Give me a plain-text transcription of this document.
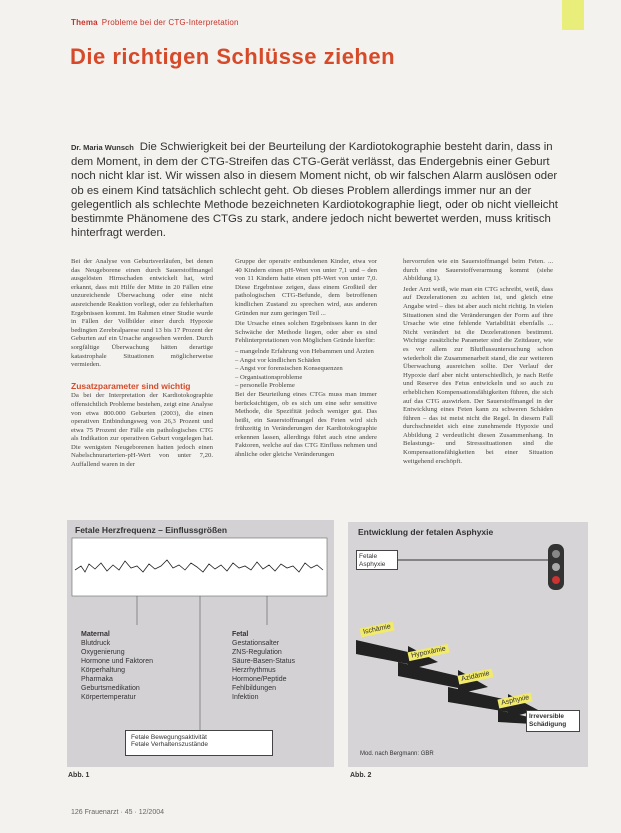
Thema Probleme bei der CTG-Interpretation
Die richtigen Schlüsse ziehen
Dr. Maria Wunsch Die Schwierigkeit bei der Beurteilung der Kardiotokographie besteht darin, dass in dem Moment, in dem der CTG-Streifen das CTG-Gerät verlässt, das Endergebnis einer Geburt noch nicht klar ist. Wir wissen also in diesem Moment nicht, ob wir falschen Alarm auslösen oder ob es einem Kind tatsächlich schlecht geht. Ob dieses Problem allerdings immer nur an der gelegentlich als schlechte Methode bezeichneten Kardiotokographie liegt, oder ob nicht vielleicht bestimmte Phänomene des CTGs zu stark, andere jedoch nicht bewertet werden, muss kritisch hinterfragt werden.

Bei der Analyse von Geburtsverläufen, bei denen das Neugeborene einen durch Sauerstoffmangel ausgelösten Hirnschaden entwickelt hat, wird erkannt, dass mit Hilfe der Mitte in 20 Fällen eine unzureichende Überwachung oder eine nicht ausreichende Reaktion vorliegt, oder zu fehlerhaften Ergebnissen kommt. Im Rahmen einer Studie wurde in Fällen der Vollbilder einer durch Hypoxie bedingten Zerebralparese rund 13 bis 17 Prozent der Geburten auf ein Ursache angesehen werden. Durch sorgfältige Überwachung hätten derartige katastrophale Situationen möglicherweise vermieden.

Zusatzparameter sind wichtig

Da bei der Interpretation der Kardiotokographie offensichtlich Probleme bestehen, zeigt eine Analyse von etwa 800.000 Geburten (2003), die einen operativen Entbindungsweg von 26,3 Prozent und etwa 75 Prozent der Fälle ein pathologisches CTG als Indikation zur operativen Geburt vorgelegen hat. Die wenigsten Neugeborenen hatten jedoch einen Nabelschnurarterien-pH-Wert von unter 7,20. Auffallend waren in der

Gruppe der operativ entbundenen Kinder, etwa vor 40 Kindern einen pH-Wert von unter 7,1 und – den von 11 Kindern hatte einen pH-Wert von unter 7,0. Diese Ergebnisse zeigen, dass einem Großteil der pathologischen CTG-Befunde, dem betroffenen kindlichen Zustand zu sprechen wird, aus anderen Gründen nur zum geringen Teil ...

Die Ursache eines solchen Ergebnisses kann in der Schwäche der Methode liegen, oder aber es sind Fehlinterpretationen von Möglichen Gründe hierfür:

– mangelnde Erfahrung von Hebammen und Ärzten
– Angst vor kindlichen Schäden
– Angst vor forensischen Konsequenzen
– Organisationsprobleme
– personelle Probleme

Bei der Beurteilung eines CTGs muss man immer berücksichtigen, ob es sich um eine sehr sensitive Methode, die Spezifität jedoch weniger gut. Das heißt, ein Sauerstoffmangel des Feten wird sich frühzeitig in Veränderungen der Kardiotokographie erkennen lassen, allerdings führt auch eine andere Faktoren, welche auf das CTG Einfluss nehmen und ähnliche oder gleiche Veränderungen

hervorrufen wie ein Sauerstoffmangel beim Feten. ... durch eine Sauerstoffverarmung kommt (siehe Abbildung 1).

Jeder Arzt weiß, wie man ein CTG schreibt, weiß, dass auf Dezelerationen zu achten ist, und gleich eine Angabe wird – dies ist aber auch nicht richtig. In vielen Situationen sind die Veränderungen der Form auf ihre Ursache wie eine fehlende Variabilität ebenfalls ... Nicht verändert ist die Dezelerationen bestimmt. Wichtige zusätzliche Parameter sind die Zeitdauer, wie es vor allem zur Blutflussuntersuchung schon wiederholt die Zusammenarbeit stand, die zur weiteren Überwachung ausreichen sollte. Der Verlauf der Hypoxie darf aber nicht unterschiedlich, je nach Reife und Reserve des Fetus entwickeln und so auch zu erheblichen Kompensationsfähigkeiten führen, die sich auf das CTG auswirken. Der Sauerstoffmangel in der Entwicklung eines Feten kann zu schweren Schäden führen – das ist meist nicht die Regel. In diesem Fall durchschneidet sich eine zunehmende Hypoxie und Abbildung 2 verdeutlicht diesen Zusammenhang. In Belastungs- und Stresssituationen sind die Kompensationsfähigkeiten bei einer Situation weitgehend erschöpft.

Fetale Herzfrequenz – Einflussgrößen
Maternal
Blutdruck
Oxygenierung
Hormone und Faktoren
Körperhaltung
Pharmaka
Geburtsmedikation
Körpertemperatur
Fetal
Gestationsalter
ZNS-Regulation
Säure-Basen-Status
Herzrhythmus
Hormone/Peptide
Fehlbildungen
Infektion
Fetale Bewegungsaktivität
Fetale Verhaltenszustände
Abb. 1
Entwicklung der fetalen Asphyxie
Fetale Asphyxie
Ischämie
Hypoxämie
Azidämie
Asphyxie
Irreversible Schädigung
Mod. nach Bergmann: GBR
Abb. 2
126 Frauenarzt · 45 · 12/2004
